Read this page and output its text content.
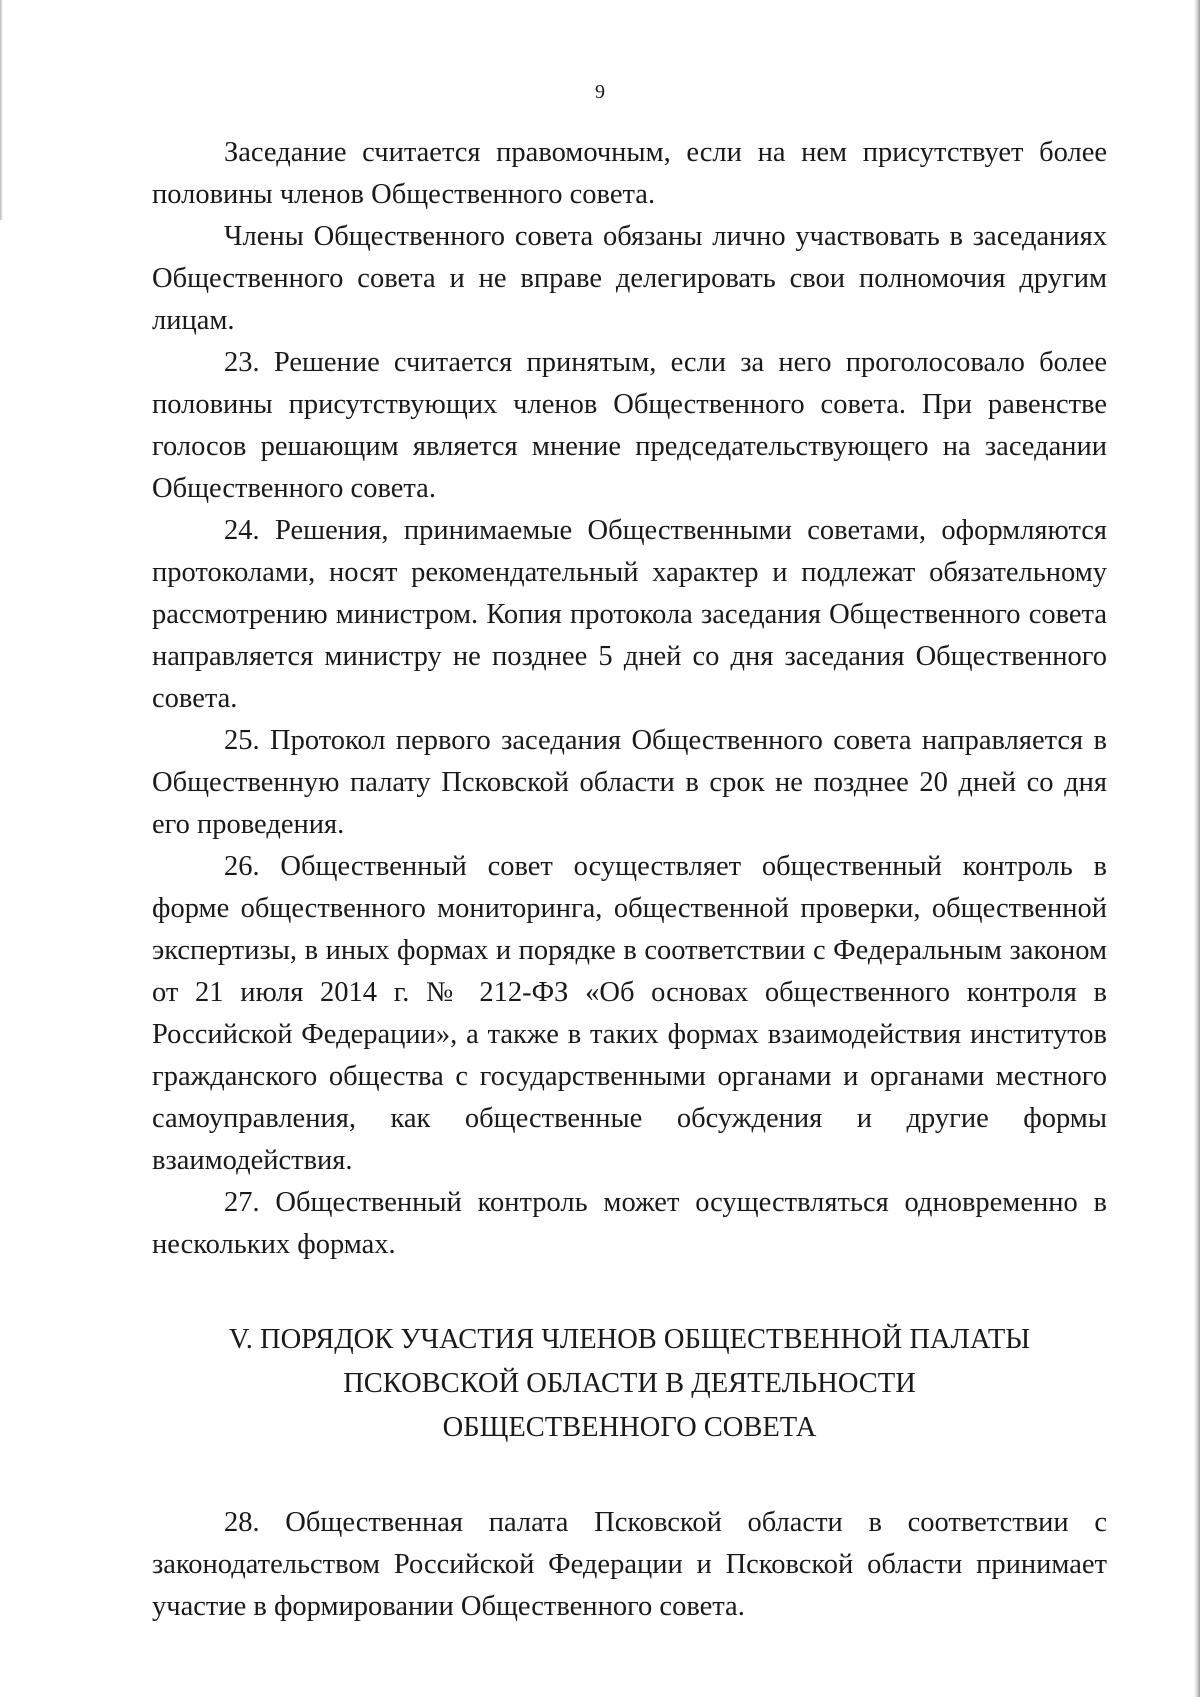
9

Заседание считается правомочным, если на нем присутствует более половины членов Общественного совета.

Члены Общественного совета обязаны лично участвовать в заседаниях Общественного совета и не вправе делегировать свои полномочия другим лицам.

23. Решение считается принятым, если за него проголосовало более половины присутствующих членов Общественного совета. При равенстве голосов решающим является мнение председательствующего на заседании Общественного совета.

24. Решения, принимаемые Общественными советами, оформляются протоколами, носят рекомендательный характер и подлежат обязательному рассмотрению министром. Копия протокола заседания Общественного совета направляется министру не позднее 5 дней со дня заседания Общественного совета.

25. Протокол первого заседания Общественного совета направляется в Общественную палату Псковской области в срок не позднее 20 дней со дня его проведения.

26. Общественный совет осуществляет общественный контроль в форме общественного мониторинга, общественной проверки, общественной экспертизы, в иных формах и порядке в соответствии с Федеральным законом от 21 июля 2014 г. № 212-ФЗ «Об основах общественного контроля в Российской Федерации», а также в таких формах взаимодействия институтов гражданского общества с государственными органами и органами местного самоуправления, как общественные обсуждения и другие формы взаимодействия.

27. Общественный контроль может осуществляться одновременно в нескольких формах.

V. ПОРЯДОК УЧАСТИЯ ЧЛЕНОВ ОБЩЕСТВЕННОЙ ПАЛАТЫ
ПСКОВСКОЙ ОБЛАСТИ В ДЕЯТЕЛЬНОСТИ
ОБЩЕСТВЕННОГО СОВЕТА

28. Общественная палата Псковской области в соответствии с законодательством Российской Федерации и Псковской области принимает участие в формировании Общественного совета.
